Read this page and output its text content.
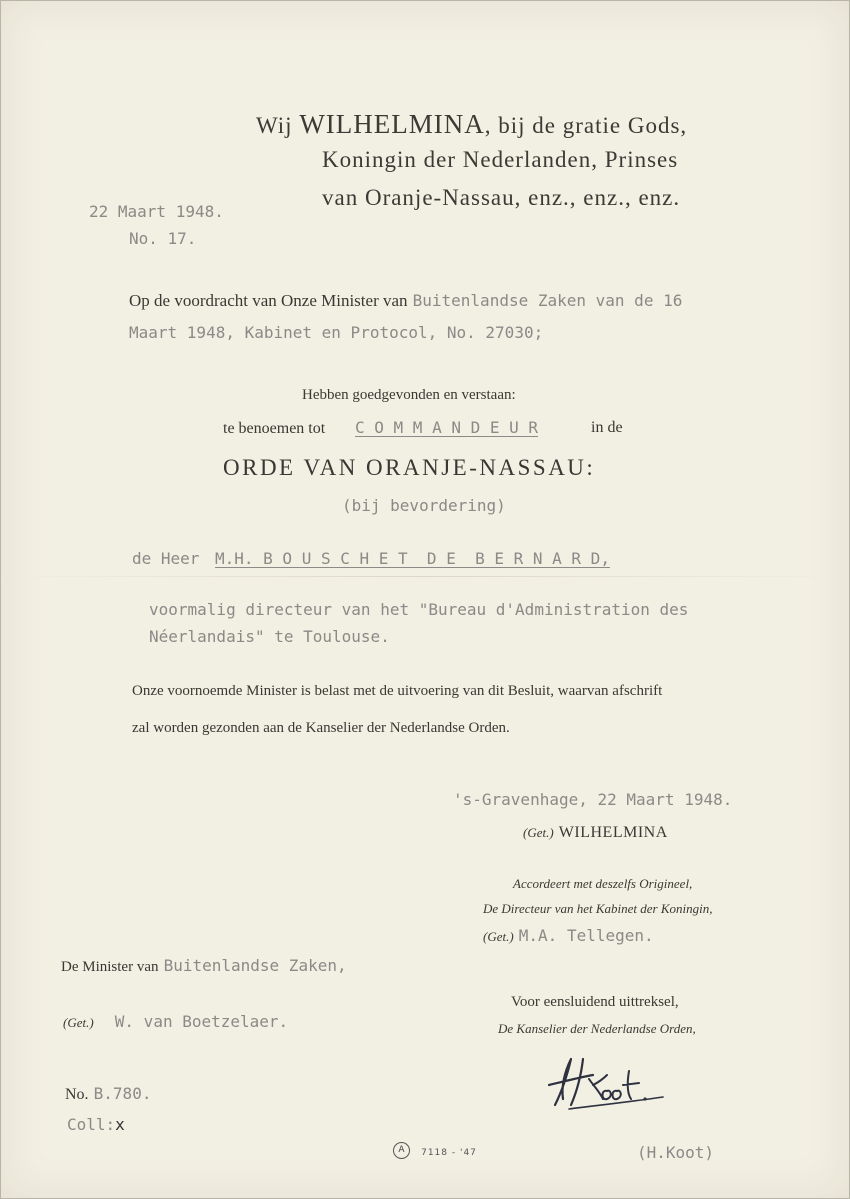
Wij WILHELMINA, bij de gratie Gods,
Koningin der Nederlanden, Prinses
van Oranje-Nassau, enz., enz., enz.
22 Maart 1948.
No. 17.
Op de voordracht van Onze Minister van Buitenlandse Zaken van de 16
Maart 1948, Kabinet en Protocol, No. 27030;
Hebben goedgevonden en verstaan:
te benoemen tot C O M M A N D E U R	in de
ORDE VAN ORANJE-NASSAU:
(bij bevordering)
de Heer M.H. B O U S C H E T  D E  B E R N A R D,
voormalig directeur van het "Bureau d'Administration des
Néerlandais" te Toulouse.
Onze voornoemde Minister is belast met de uitvoering van dit Besluit, waarvan afschrift
zal worden gezonden aan de Kanselier der Nederlandse Orden.
's-Gravenhage, 22 Maart 1948.
(Get.) WILHELMINA
Accordeert met deszelfs Origineel,
De Directeur van het Kabinet der Koningin,
(Get.) M.A. Tellegen.
De Minister van Buitenlandse Zaken,
(Get.) W. van Boetzelaer.
Voor eensluidend uittreksel,
De Kanselier der Nederlandse Orden,
No. B.780.
Coll:x
A 7118 - '47	(H.Koot)
